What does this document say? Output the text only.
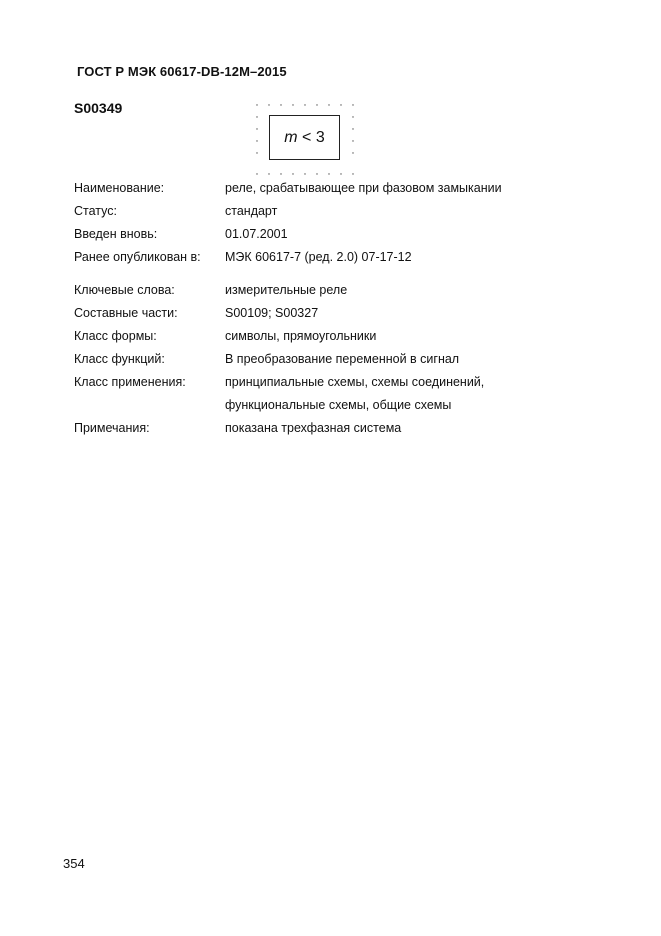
ГОСТ Р МЭК 60617-DB-12M–2015
S00349
m < 3
Наименование:	реле, срабатывающее при фазовом замыкании
Статус:	стандарт
Введен вновь:	01.07.2001
Ранее опубликован в: МЭК 60617-7 (ред. 2.0) 07-17-12
Ключевые слова:	измерительные реле
Составные части:	S00109; S00327
Класс формы:	символы, прямоугольники
Класс функций:	В преобразование переменной в сигнал
Класс применения:	принципиальные схемы, схемы соединений,
функциональные схемы, общие схемы
Примечания:	показана трехфазная система
354
